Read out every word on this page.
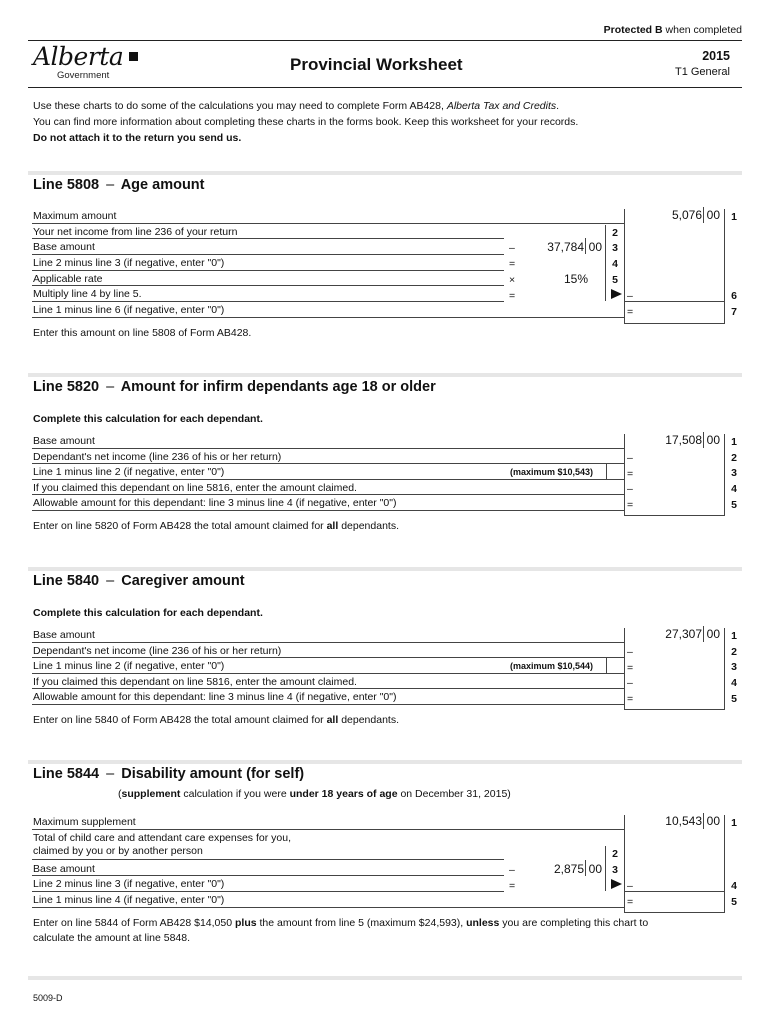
Protected B when completed
Alberta
Government
Provincial Worksheet	2015
T1 General
Use these charts to do some of the calculations you may need to complete Form AB428, Alberta Tax and Credits.
You can find more information about completing these charts in the forms book. Keep this worksheet for your records.
Do not attach it to the return you send us.
Line 5808 – Age amount
Maximum amount
Your net income from line 236 of your return
Base amount
Line 2 minus line 3 (if negative, enter "0")
Applicable rate
Multiply line 4 by line 5.
Line 1 minus line 6 (if negative, enter "0")
–
=
×
=
37,784 00
15%
2
3
4
5
5,076 00
–
=
1
6
7
Enter this amount on line 5808 of Form AB428.
Line 5820 – Amount for infirm dependants age 18 or older
Complete this calculation for each dependant.
Base amount
Dependant's net income (line 236 of his or her return)
Line 1 minus line 2 (if negative, enter "0")
If you claimed this dependant on line 5816, enter the amount claimed.
Allowable amount for this dependant: line 3 minus line 4 (if negative, enter "0")
(maximum $10,543)
17,508 00
–
=
–
=
1
2
3
4
5
Enter on line 5820 of Form AB428 the total amount claimed for all dependants.
Line 5840 – Caregiver amount
Complete this calculation for each dependant.
Base amount
Dependant's net income (line 236 of his or her return)
Line 1 minus line 2 (if negative, enter "0")
If you claimed this dependant on line 5816, enter the amount claimed.
Allowable amount for this dependant: line 3 minus line 4 (if negative, enter "0")
(maximum $10,544)
27,307 00
–
=
–
=
1
2
3
4
5
Enter on line 5840 of Form AB428 the total amount claimed for all dependants.
Line 5844 – Disability amount (for self)
(supplement calculation if you were under 18 years of age on December 31, 2015)
Maximum supplement
Total of child care and attendant care expenses for you,
claimed by you or by another person
Base amount
Line 2 minus line 3 (if negative, enter "0")
Line 1 minus line 4 (if negative, enter "0")
–
=
2,875 00
2
3
10,543 00
–
=
1
4
5
Enter on line 5844 of Form AB428 $14,050 plus the amount from line 5 (maximum $24,593), unless you are completing this chart to
calculate the amount at line 5848.
5009-D
